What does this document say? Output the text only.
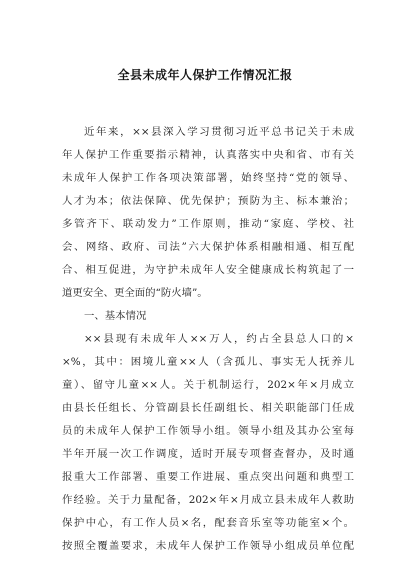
全县未成年人保护工作情况汇报
近年来，××县深入学习贯彻习近平总书记关于未成
年人保护工作重要指示精神，认真落实中央和省、市有关
未成年人保护工作各项决策部署，始终坚持“党的领导、
人才为本；依法保障、优先保护；预防为主、标本兼治；
多管齐下、联动发力”工作原则，推动“家庭、学校、社
会、网络、政府、司法”六大保护体系相融相通、相互配
合、相互促进，为守护未成年人安全健康成长构筑起了一
道更安全、更全面的“防火墙”。
一、基本情况
××县现有未成年人××万人，约占全县总人口的×
×%，其中：困境儿童××人（含孤儿、事实无人抚养儿
童）、留守儿童××人。关于机制运行，202×年×月成立
由县长任组长、分管副县长任副组长、相关职能部门任成
员的未成年人保护工作领导小组。领导小组及其办公室每
半年开展一次工作调度，适时开展专项督查督办，及时通
报重大工作部署、重要工作进展、重点突出问题和典型工
作经验。关于力量配备，202×年×月成立县未成年人救助
保护中心，有工作人员×名，配套音乐室等功能室×个。
按照全覆盖要求，未成年人保护工作领导小组成员单位配
